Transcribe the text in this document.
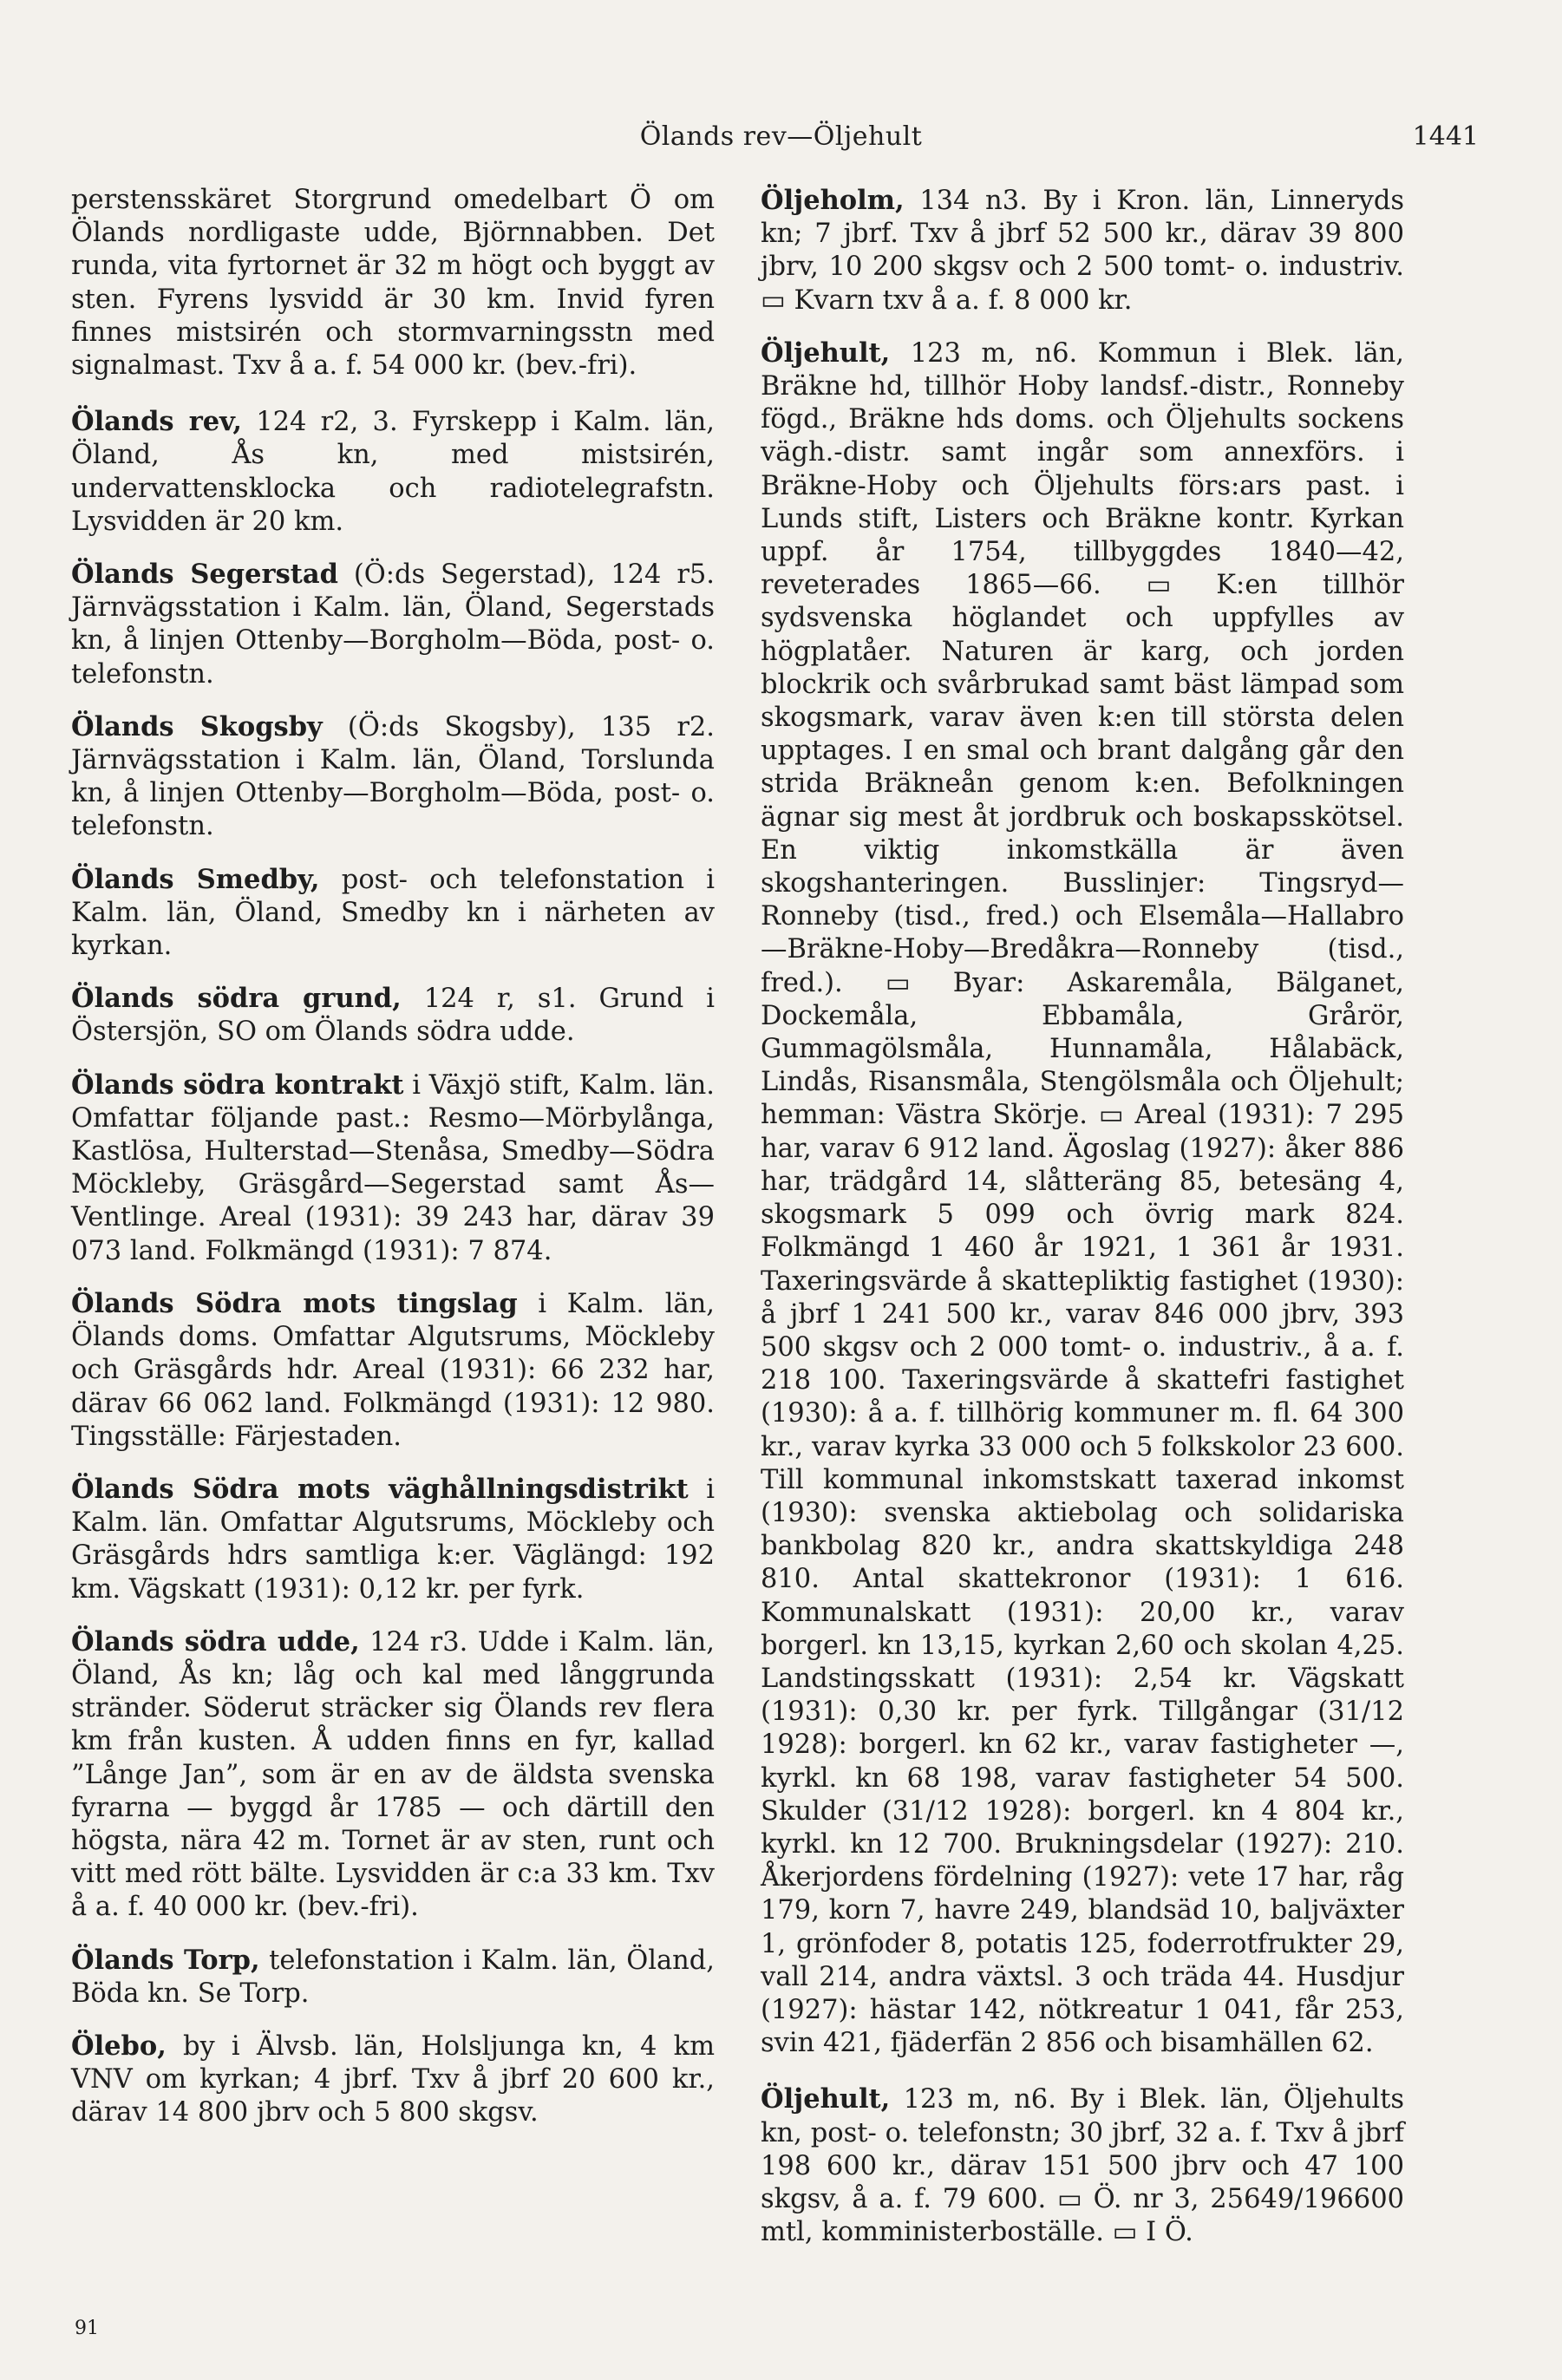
Ölands rev—Öljehult	1441

perstensskäret Storgrund omedelbart Ö om Ölands nordligaste udde, Björnnabben. Det runda, vita fyrtornet är 32 m högt och byggt av sten. Fyrens lysvidd är 30 km. Invid fyren finnes mistsirén och stormvarningsstn med signalmast. Txv å a. f. 54 000 kr. (bev.-fri).

Ölands rev, 124 r2, 3. Fyrskepp i Kalm. län, Öland, Ås kn, med mistsirén, undervattensklocka och radiotelegrafstn. Lysvidden är 20 km.

Ölands Segerstad (Ö:ds Segerstad), 124 r5. Järnvägsstation i Kalm. län, Öland, Segerstads kn, å linjen Ottenby—Borgholm—Böda, post- o. telefonstn.

Ölands Skogsby (Ö:ds Skogsby), 135 r2. Järnvägsstation i Kalm. län, Öland, Torslunda kn, å linjen Ottenby—Borgholm—Böda, post- o. telefonstn.

Ölands Smedby, post- och telefonstation i Kalm. län, Öland, Smedby kn i närheten av kyrkan.

Ölands södra grund, 124 r, s1. Grund i Östersjön, SO om Ölands södra udde.

Ölands södra kontrakt i Växjö stift, Kalm. län. Omfattar följande past.: Resmo—Mörbylånga, Kastlösa, Hulterstad—Stenåsa, Smedby—Södra Möckleby, Gräsgård—Segerstad samt Ås—Ventlinge. Areal (1931): 39 243 har, därav 39 073 land. Folkmängd (1931): 7 874.

Ölands Södra mots tingslag i Kalm. län, Ölands doms. Omfattar Algutsrums, Möckleby och Gräsgårds hdr. Areal (1931): 66 232 har, därav 66 062 land. Folkmängd (1931): 12 980. Tingsställe: Färjestaden.

Ölands Södra mots väghållningsdistrikt i Kalm. län. Omfattar Algutsrums, Möckleby och Gräsgårds hdrs samtliga k:er. Väglängd: 192 km. Vägskatt (1931): 0,12 kr. per fyrk.

Ölands södra udde, 124 r3. Udde i Kalm. län, Öland, Ås kn; låg och kal med långgrunda stränder. Söderut sträcker sig Ölands rev flera km från kusten. Å udden finns en fyr, kallad ”Långe Jan”, som är en av de äldsta svenska fyrarna — byggd år 1785 — och därtill den högsta, nära 42 m. Tornet är av sten, runt och vitt med rött bälte. Lysvidden är c:a 33 km. Txv å a. f. 40 000 kr. (bev.-fri).

Ölands Torp, telefonstation i Kalm. län, Öland, Böda kn. Se Torp.

Ölebo, by i Älvsb. län, Holsljunga kn, 4 km VNV om kyrkan; 4 jbrf. Txv å jbrf 20 600 kr., därav 14 800 jbrv och 5 800 skgsv.

Öljeholm, 134 n3. By i Kron. län, Linneryds kn; 7 jbrf. Txv å jbrf 52 500 kr., därav 39 800 jbrv, 10 200 skgsv och 2 500 tomt- o. industriv. ▭ Kvarn txv å a. f. 8 000 kr.

Öljehult, 123 m, n6. Kommun i Blek. län, Bräkne hd, tillhör Hoby landsf.-distr., Ronneby fögd., Bräkne hds doms. och Öljehults sockens vägh.-distr. samt ingår som annexförs. i Bräkne-Hoby och Öljehults förs:ars past. i Lunds stift, Listers och Bräkne kontr. Kyrkan uppf. år 1754, tillbyggdes 1840—42, reveterades 1865—66. ▭ K:en tillhör sydsvenska höglandet och uppfylles av högplatåer. Naturen är karg, och jorden blockrik och svårbrukad samt bäst lämpad som skogsmark, varav även k:en till största delen upptages. I en smal och brant dalgång går den strida Bräkneån genom k:en. Befolkningen ägnar sig mest åt jordbruk och boskapsskötsel. En viktig inkomstkälla är även skogshanteringen. Busslinjer: Tingsryd—Ronneby (tisd., fred.) och Elsemåla—Hallabro —Bräkne-Hoby—Bredåkra—Ronneby (tisd., fred.). ▭ Byar: Askaremåla, Bälganet, Dockemåla, Ebbamåla, Grårör, Gummagölsmåla, Hunnamåla, Hålabäck, Lindås, Risansmåla, Stengölsmåla och Öljehult; hemman: Västra Skörje. ▭ Areal (1931): 7 295 har, varav 6 912 land. Ägoslag (1927): åker 886 har, trädgård 14, slåtteräng 85, betesäng 4, skogsmark 5 099 och övrig mark 824. Folkmängd 1 460 år 1921, 1 361 år 1931. Taxeringsvärde å skattepliktig fastighet (1930): å jbrf 1 241 500 kr., varav 846 000 jbrv, 393 500 skgsv och 2 000 tomt- o. industriv., å a. f. 218 100. Taxeringsvärde å skattefri fastighet (1930): å a. f. tillhörig kommuner m. fl. 64 300 kr., varav kyrka 33 000 och 5 folkskolor 23 600. Till kommunal inkomstskatt taxerad inkomst (1930): svenska aktiebolag och solidariska bankbolag 820 kr., andra skattskyldiga 248 810. Antal skattekronor (1931): 1 616. Kommunalskatt (1931): 20,00 kr., varav borgerl. kn 13,15, kyrkan 2,60 och skolan 4,25. Landstingsskatt (1931): 2,54 kr. Vägskatt (1931): 0,30 kr. per fyrk. Tillgångar (31/12 1928): borgerl. kn 62 kr., varav fastigheter —, kyrkl. kn 68 198, varav fastigheter 54 500. Skulder (31/12 1928): borgerl. kn 4 804 kr., kyrkl. kn 12 700. Brukningsdelar (1927): 210. Åkerjordens fördelning (1927): vete 17 har, råg 179, korn 7, havre 249, blandsäd 10, baljväxter 1, grönfoder 8, potatis 125, foderrotfrukter 29, vall 214, andra växtsl. 3 och träda 44. Husdjur (1927): hästar 142, nötkreatur 1 041, får 253, svin 421, fjäderfän 2 856 och bisamhällen 62.

Öljehult, 123 m, n6. By i Blek. län, Öljehults kn, post- o. telefonstn; 30 jbrf, 32 a. f. Txv å jbrf 198 600 kr., därav 151 500 jbrv och 47 100 skgsv, å a. f. 79 600. ▭ Ö. nr 3, 25649/196600 mtl, komministerboställe. ▭ I Ö.

91
